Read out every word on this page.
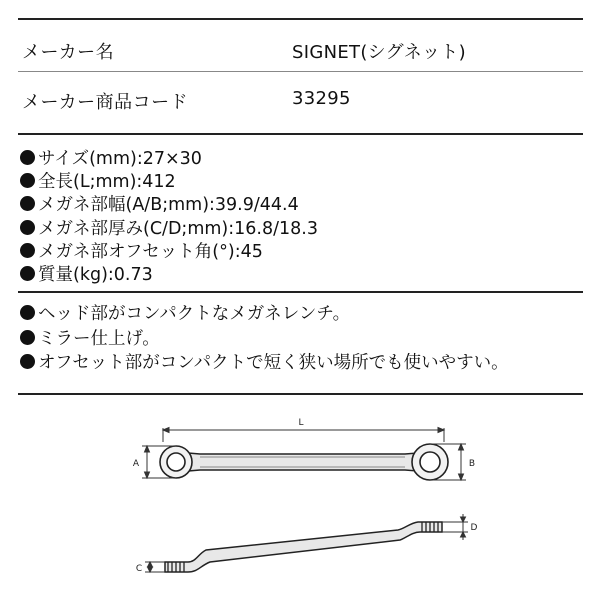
メーカー名	SIGNET(シグネット)
メーカー商品コード	33295
サイズ(mm):27×30
全長(L;mm):412
メガネ部幅(A/B;mm):39.9/44.4
メガネ部厚み(C/D;mm):16.8/18.3
メガネ部オフセット角(°):45
質量(kg):0.73
ヘッド部がコンパクトなメガネレンチ。
ミラー仕上げ。
オフセット部がコンパクトで短く狭い場所でも使いやすい。
L
A	B
C
D
